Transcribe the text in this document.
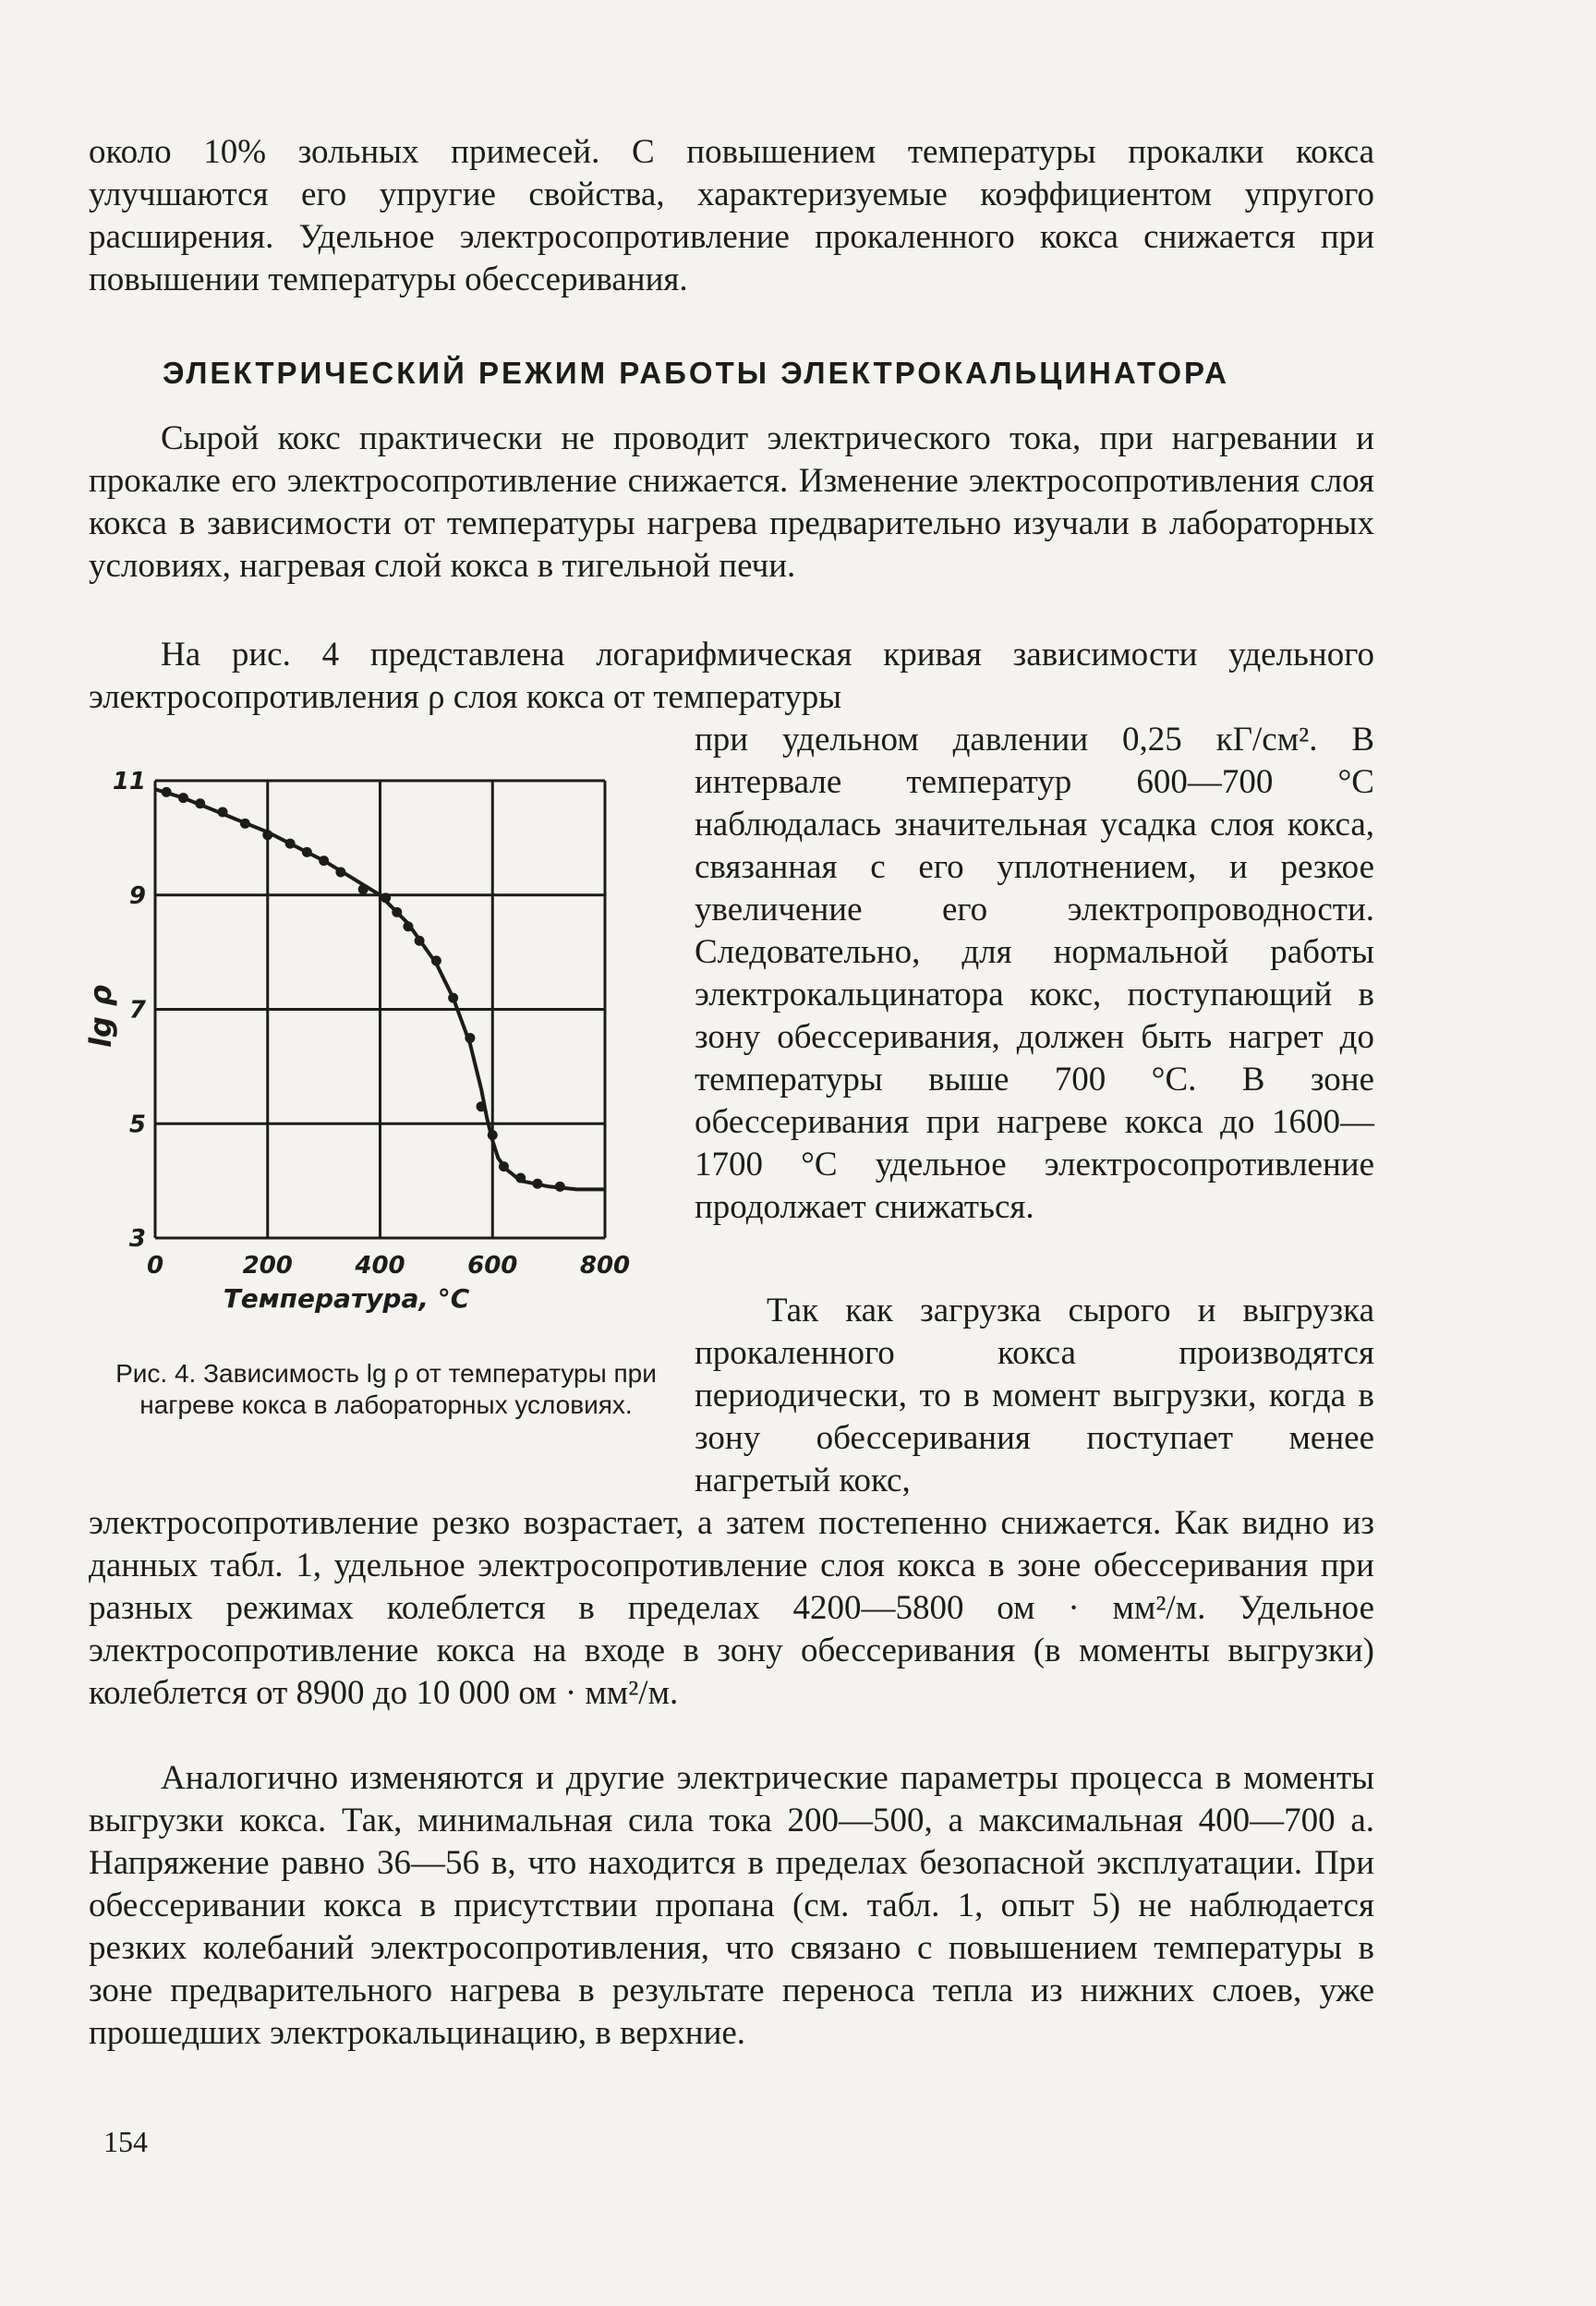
около 10% зольных примесей. С повышением температуры прокалки кокса улучшаются его упругие свойства, характеризуемые коэффициентом упругого расширения. Удельное электросопротивление прокаленного кокса снижается при повышении температуры обессеривания.

ЭЛЕКТРИЧЕСКИЙ РЕЖИМ РАБОТЫ ЭЛЕКТРОКАЛЬЦИНАТОРА

Сырой кокс практически не проводит электрического тока, при нагревании и прокалке его электросопротивление снижается. Изменение электросопротивления слоя кокса в зависимости от температуры нагрева предварительно изучали в лабораторных условиях, нагревая слой кокса в тигельной печи.

На рис. 4 представлена логарифмическая кривая зависимости удельного электросопротивления ρ слоя кокса от температуры

при удельном давлении 0,25 кГ/см². В интервале температур 600—700 °C наблюдалась значительная усадка слоя кокса, связанная с его уплотнением, и резкое увеличение его электропроводности. Следовательно, для нормальной работы электрокальцинатора кокс, поступающий в зону обессеривания, должен быть нагрет до температуры выше 700 °C. В зоне обессеривания при нагреве кокса до 1600—1700 °C удельное электросопротивление продолжает снижаться.

Так как загрузка сырого и выгрузка прокаленного кокса производятся периодически, то в момент выгрузки, когда в зону обессеривания поступает менее нагретый кокс,

электросопротивление резко возрастает, а затем постепенно снижается. Как видно из данных табл. 1, удельное электросопротивление слоя кокса в зоне обессеривания при разных режимах колеблется в пределах 4200—5800 ом · мм²/м. Удельное электросопротивление кокса на входе в зону обессеривания (в моменты выгрузки) колеблется от 8900 до 10 000 ом · мм²/м.

Аналогично изменяются и другие электрические параметры процесса в моменты выгрузки кокса. Так, минимальная сила тока 200—500, а максимальная 400—700 а. Напряжение равно 36—56 в, что находится в пределах безопасной эксплуатации. При обессеривании кокса в присутствии пропана (см. табл. 1, опыт 5) не наблюдается резких колебаний электросопротивления, что связано с повышением температуры в зоне предварительного нагрева в результате переноса тепла из нижних слоев, уже прошедших электрокальцинацию, в верхние.

0	200	400	600	800
3
5
7
9
11
Температура, °C
lg ρ

Рис. 4. Зависимость lg ρ от температуры при нагреве кокса в лабораторных условиях.

154
